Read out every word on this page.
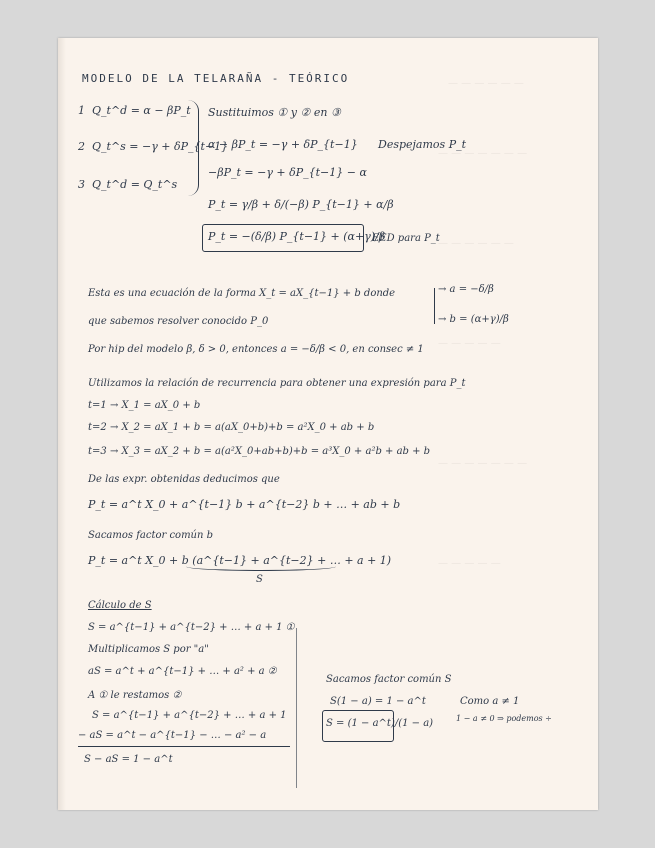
— — — — — —
— — — — — — —
— — — — — —
— — — — —
— — — — — — —
— — — — —
MODELO DE LA TELARAÑA - TEÓRICO
1 Q_t^d = α − βP_t
2 Q_t^s = −γ + δP_{t−1}
3 Q_t^d = Q_t^s
Sustituimos ① y ② en ③
α − βP_t = −γ + δP_{t−1} Despejamos P_t
−βP_t = −γ + δP_{t−1} − α
P_t = γ/β + δ/(−β) P_{t−1} + α/β
P_t = −(δ/β) P_{t−1} + (α+γ)/β
EED para P_t
Esta es una ecuación de la forma X_t = aX_{t−1} + b donde	→ a = −δ/β
→ b = (α+γ)/β
que sabemos resolver conocido P_0
Por hip del modelo β, δ > 0, entonces a = −δ/β < 0, en consec ≠ 1
Utilizamos la relación de recurrencia para obtener una expresión para P_t
t=1 → X_1 = aX_0 + b
t=2 → X_2 = aX_1 + b = a(aX_0+b)+b = a²X_0 + ab + b
t=3 → X_3 = aX_2 + b = a(a²X_0+ab+b)+b = a³X_0 + a²b + ab + b
De las expr. obtenidas deducimos que
P_t = a^t X_0 + a^{t−1} b + a^{t−2} b + … + ab + b
Sacamos factor común b
P_t = a^t X_0 + b (a^{t−1} + a^{t−2} + … + a + 1)
S
Cálculo de S
S = a^{t−1} + a^{t−2} + … + a + 1 ①
Multiplicamos S por "a"
aS = a^t + a^{t−1} + … + a² + a ②
A ① le restamos ②
S = a^{t−1} + a^{t−2} + … + a + 1
− aS = a^t − a^{t−1} − … − a² − a
S − aS = 1 − a^t
Sacamos factor común S
S(1 − a) = 1 − a^t	Como a ≠ 1
1 − a ≠ 0 ⇒ podemos ÷
S = (1 − a^t)/(1 − a)
